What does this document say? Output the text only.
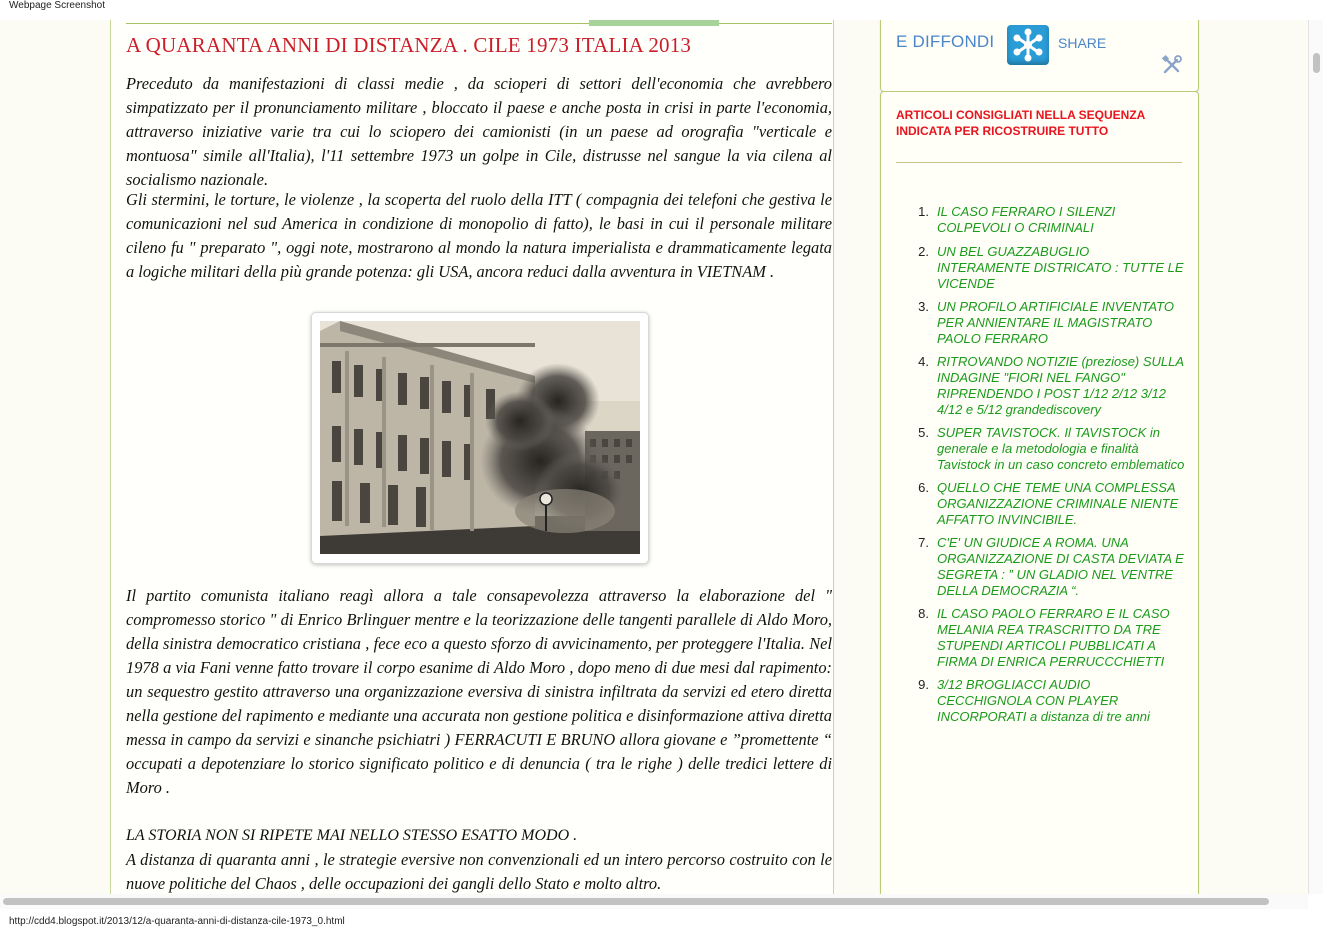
Webpage Screenshot
A QUARANTA ANNI DI DISTANZA . CILE 1973 ITALIA 2013

Preceduto da manifestazioni di classi medie , da scioperi di settori dell'economia che avrebbero simpatizzato per il pronunciamento militare , bloccato il paese e anche posta in crisi in parte l'economia, attraverso iniziative varie tra cui lo sciopero dei camionisti (in un paese ad orografia "verticale e montuosa" simile all'Italia), l'11 settembre 1973 un golpe in Cile, distrusse nel sangue la via cilena al socialismo nazionale.

Gli stermini, le torture, le violenze , la scoperta del ruolo della ITT ( compagnia dei telefoni che gestiva le comunicazioni nel sud America in condizione di monopolio di fatto), le basi in cui il personale militare cileno fu " preparato ", oggi note, mostrarono al mondo la natura imperialista e drammaticamente legata a logiche militari della più grande potenza: gli USA, ancora reduci dalla avventura in VIETNAM .

Il partito comunista italiano reagì allora a tale consapevolezza attraverso la elaborazione del " compromesso storico " di Enrico Brlinguer mentre e la teorizzazione delle tangenti parallele di Aldo Moro, della sinistra democratico cristiana , fece eco a questo sforzo di avvicinamento, per proteggere l'Italia. Nel 1978 a via Fani venne fatto trovare il corpo esanime di Aldo Moro , dopo meno di due mesi dal rapimento: un sequestro gestito attraverso una organizzazione eversiva di sinistra infiltrata da servizi ed etero diretta nella gestione del rapimento e mediante una accurata non gestione politica e disinformazione attiva diretta messa in campo da servizi e sinanche psichiatri ) FERRACUTI E BRUNO allora giovane e ”promettente “ occupati a depotenziare lo storico significato politico e di denuncia ( tra le righe ) delle tredici lettere di Moro .

LA STORIA NON SI RIPETE MAI NELLO STESSO ESATTO MODO .

A distanza di quaranta anni , le strategie eversive non convenzionali ed un intero percorso costruito con le nuove politiche del Chaos , delle occupazioni dei gangli dello Stato e molto altro.

E DIFFONDI	SHARE
ARTICOLI CONSIGLIATI NELLA SEQUENZA INDICATA PER RICOSTRUIRE TUTTO
1. IL CASO FERRARO I SILENZI COLPEVOLI O CRIMINALI
2. UN BEL GUAZZABUGLIO INTERAMENTE DISTRICATO : TUTTE LE VICENDE
3. UN PROFILO ARTIFICIALE INVENTATO PER ANNIENTARE IL MAGISTRATO PAOLO FERRARO
4. RITROVANDO NOTIZIE (preziose) SULLA INDAGINE "FIORI NEL FANGO" RIPRENDENDO I POST 1/12 2/12 3/12 4/12 e 5/12 grandediscovery
5. SUPER TAVISTOCK. Il TAVISTOCK in generale e la metodologia e finalità Tavistock in un caso concreto emblematico
6. QUELLO CHE TEME UNA COMPLESSA ORGANIZZAZIONE CRIMINALE NIENTE AFFATTO INVINCIBILE.
7. C'E' UN GIUDICE A ROMA. UNA ORGANIZZAZIONE DI CASTA DEVIATA E SEGRETA : ” UN GLADIO NEL VENTRE DELLA DEMOCRAZIA “.
8. IL CASO PAOLO FERRARO E IL CASO MELANIA REA TRASCRITTO DA TRE STUPENDI ARTICOLI PUBBLICATI A FIRMA DI ENRICA PERRUCCCHIETTI
9. 3/12 BROGLIACCI AUDIO CECCHIGNOLA CON PLAYER INCORPORATI a distanza di tre anni
http://cdd4.blogspot.it/2013/12/a-quaranta-anni-di-distanza-cile-1973_0.html
